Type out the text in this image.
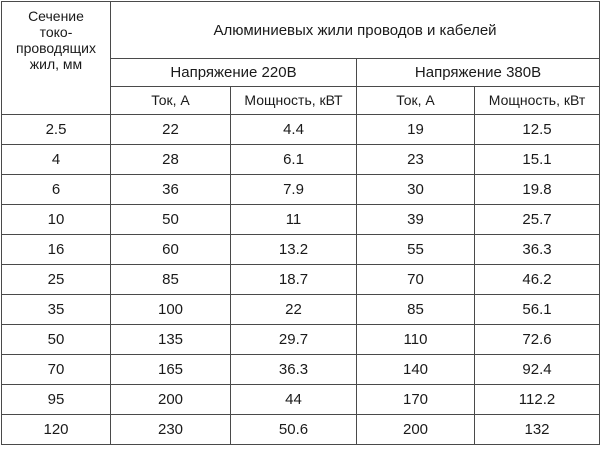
Сечение
токо-
проводящих
жил, мм	Алюминиевых жили проводов и кабелей			
	Напряжение 220В		Напряжение 380В	
	Ток, А	Мощность, кВТ	Ток, А	Мощность, кВт
2.5	22	4.4	19	12.5
4	28	6.1	23	15.1
6	36	7.9	30	19.8
10	50	11	39	25.7
16	60	13.2	55	36.3
25	85	18.7	70	46.2
35	100	22	85	56.1
50	135	29.7	110	72.6
70	165	36.3	140	92.4
95	200	44	170	112.2
120	230	50.6	200	132
